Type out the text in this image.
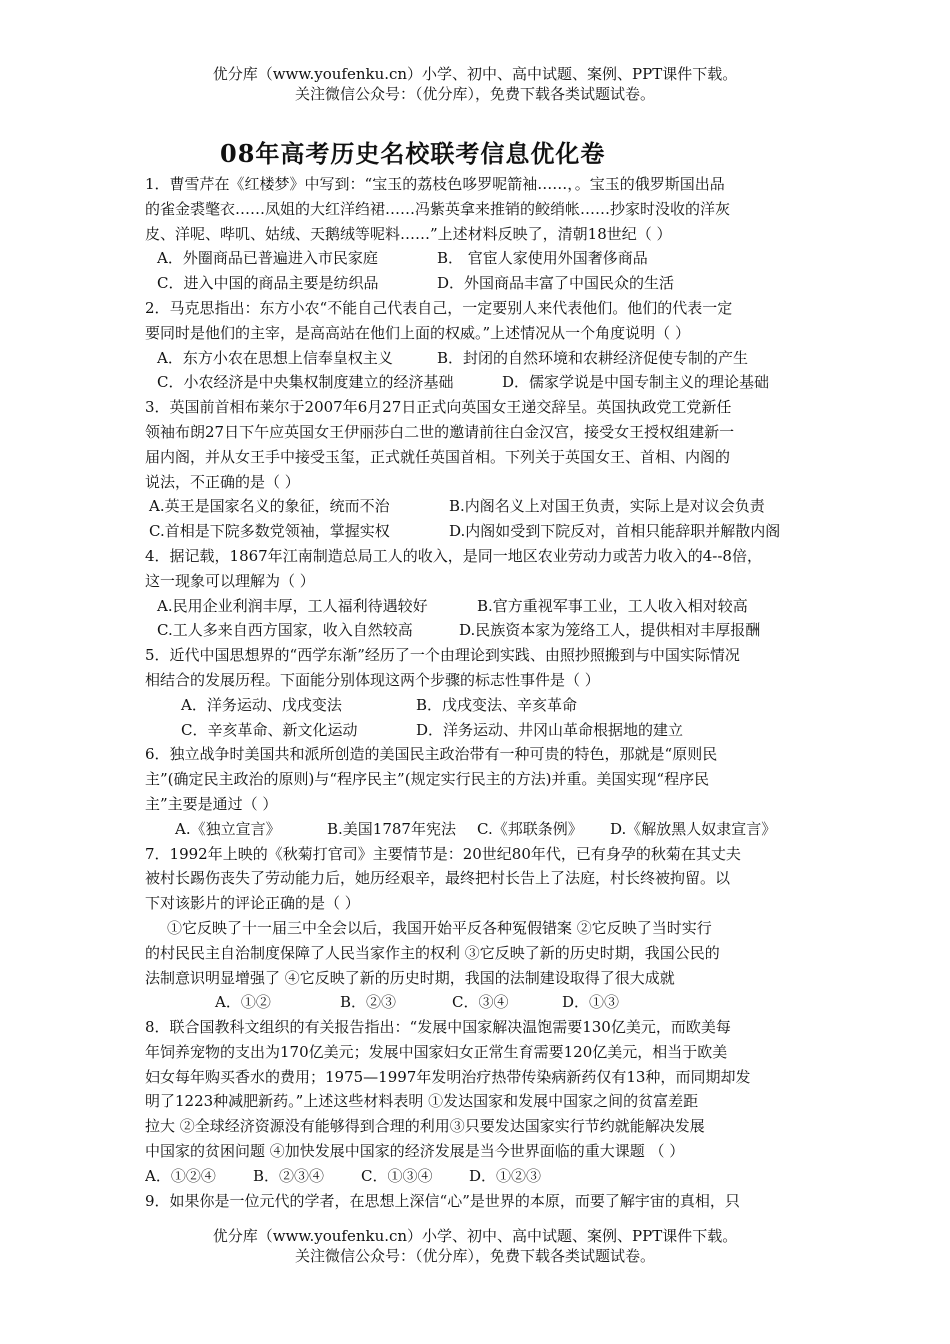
优分库（www.youfenku.cn）小学、初中、高中试题、案例、PPT课件下载。
关注微信公众号：（优分库），免费下载各类试题试卷。
08年高考历史名校联考信息优化卷
1．曹雪芹在《红楼梦》中写到：“宝玉的荔枝色哆罗呢箭袖……，。宝玉的俄罗斯国出品
的雀金裘氅衣……凤姐的大红洋绉裙……冯紫英拿来推销的鲛绡帐……抄家时没收的洋灰
皮、洋呢、哔叽、姑绒、天鹅绒等呢料……”上述材料反映了，清朝18世纪（ ）
A．外圈商品已普遍进入市民家庭	B． 官宦人家使用外国奢侈商品
C．进入中国的商品主要是纺织品	D．外国商品丰富了中国民众的生活
2．马克思指出：东方小农“不能自己代表自己，一定要别人来代表他们。他们的代表一定
要同时是他们的主宰，是高高站在他们上面的权威。”上述情况从一个角度说明（ ）
A．东方小农在思想上信奉皇权主义	B．封闭的自然环境和农耕经济促使专制的产生
C．小农经济是中央集权制度建立的经济基础	D．儒家学说是中国专制主义的理论基础
3．英国前首相布莱尔于2007年6月27日正式向英国女王递交辞呈。英国执政党工党新任
领袖布朗27日下午应英国女王伊丽莎白二世的邀请前往白金汉宫，接受女王授权组建新一
届内阁，并从女王手中接受玉玺，正式就任英国首相。下列关于英国女王、首相、内阁的
说法，不正确的是（ ）
A.英王是国家名义的象征，统而不治	B.内阁名义上对国王负责，实际上是对议会负责
C.首相是下院多数党领袖，掌握实权	D.内阁如受到下院反对，首相只能辞职并解散内阁
4．据记载，1867年江南制造总局工人的收入，是同一地区农业劳动力或苦力收入的4--8倍，
这一现象可以理解为（ ）
A.民用企业利润丰厚，工人福利待遇较好	B.官方重视军事工业，工人收入相对较高
C.工人多来自西方国家，收入自然较高	D.民族资本家为笼络工人，提供相对丰厚报酬
5．近代中国思想界的“西学东渐”经历了一个由理论到实践、由照抄照搬到与中国实际情况
相结合的发展历程。下面能分别体现这两个步骤的标志性事件是（ ）
A．洋务运动、戊戌变法	B．戊戌变法、辛亥革命
C．辛亥革命、新文化运动	D．洋务运动、井冈山革命根据地的建立
6．独立战争时美国共和派所创造的美国民主政治带有一种可贵的特色，那就是“原则民
主”(确定民主政治的原则)与“程序民主”(规定实行民主的方法)并重。美国实现“程序民
主”主要是通过（ ）
A.《独立宣言》	B.美国1787年宪法	C.《邦联条例》	D.《解放黑人奴隶宣言》
7．1992年上映的《秋菊打官司》主要情节是：20世纪80年代，已有身孕的秋菊在其丈夫
被村长踢伤丧失了劳动能力后，她历经艰辛，最终把村长告上了法庭，村长终被拘留。以
下对该影片的评论正确的是（ ）
①它反映了十一届三中全会以后，我国开始平反各种冤假错案 ②它反映了当时实行
的村民民主自治制度保障了人民当家作主的权利 ③它反映了新的历史时期，我国公民的
法制意识明显增强了 ④它反映了新的历史时期，我国的法制建设取得了很大成就
A．①②	B．②③	C．③④	D．①③
8．联合国教科文组织的有关报告指出：“发展中国家解决温饱需要130亿美元，而欧美每
年饲养宠物的支出为170亿美元；发展中国家妇女正常生育需要120亿美元，相当于欧美
妇女每年购买香水的费用；1975—1997年发明治疗热带传染病新药仅有13种，而同期却发
明了1223种减肥新药。”上述这些材料表明 ①发达国家和发展中国家之间的贫富差距
拉大 ②全球经济资源没有能够得到合理的利用③只要发达国家实行节约就能解决发展
中国家的贫困问题 ④加快发展中国家的经济发展是当今世界面临的重大课题 （ ）
A．①②④	B．②③④	C．①③④	D．①②③
9．如果你是一位元代的学者，在思想上深信“心”是世界的本原，而要了解宇宙的真相，只
优分库（www.youfenku.cn）小学、初中、高中试题、案例、PPT课件下载。
关注微信公众号：（优分库），免费下载各类试题试卷。
